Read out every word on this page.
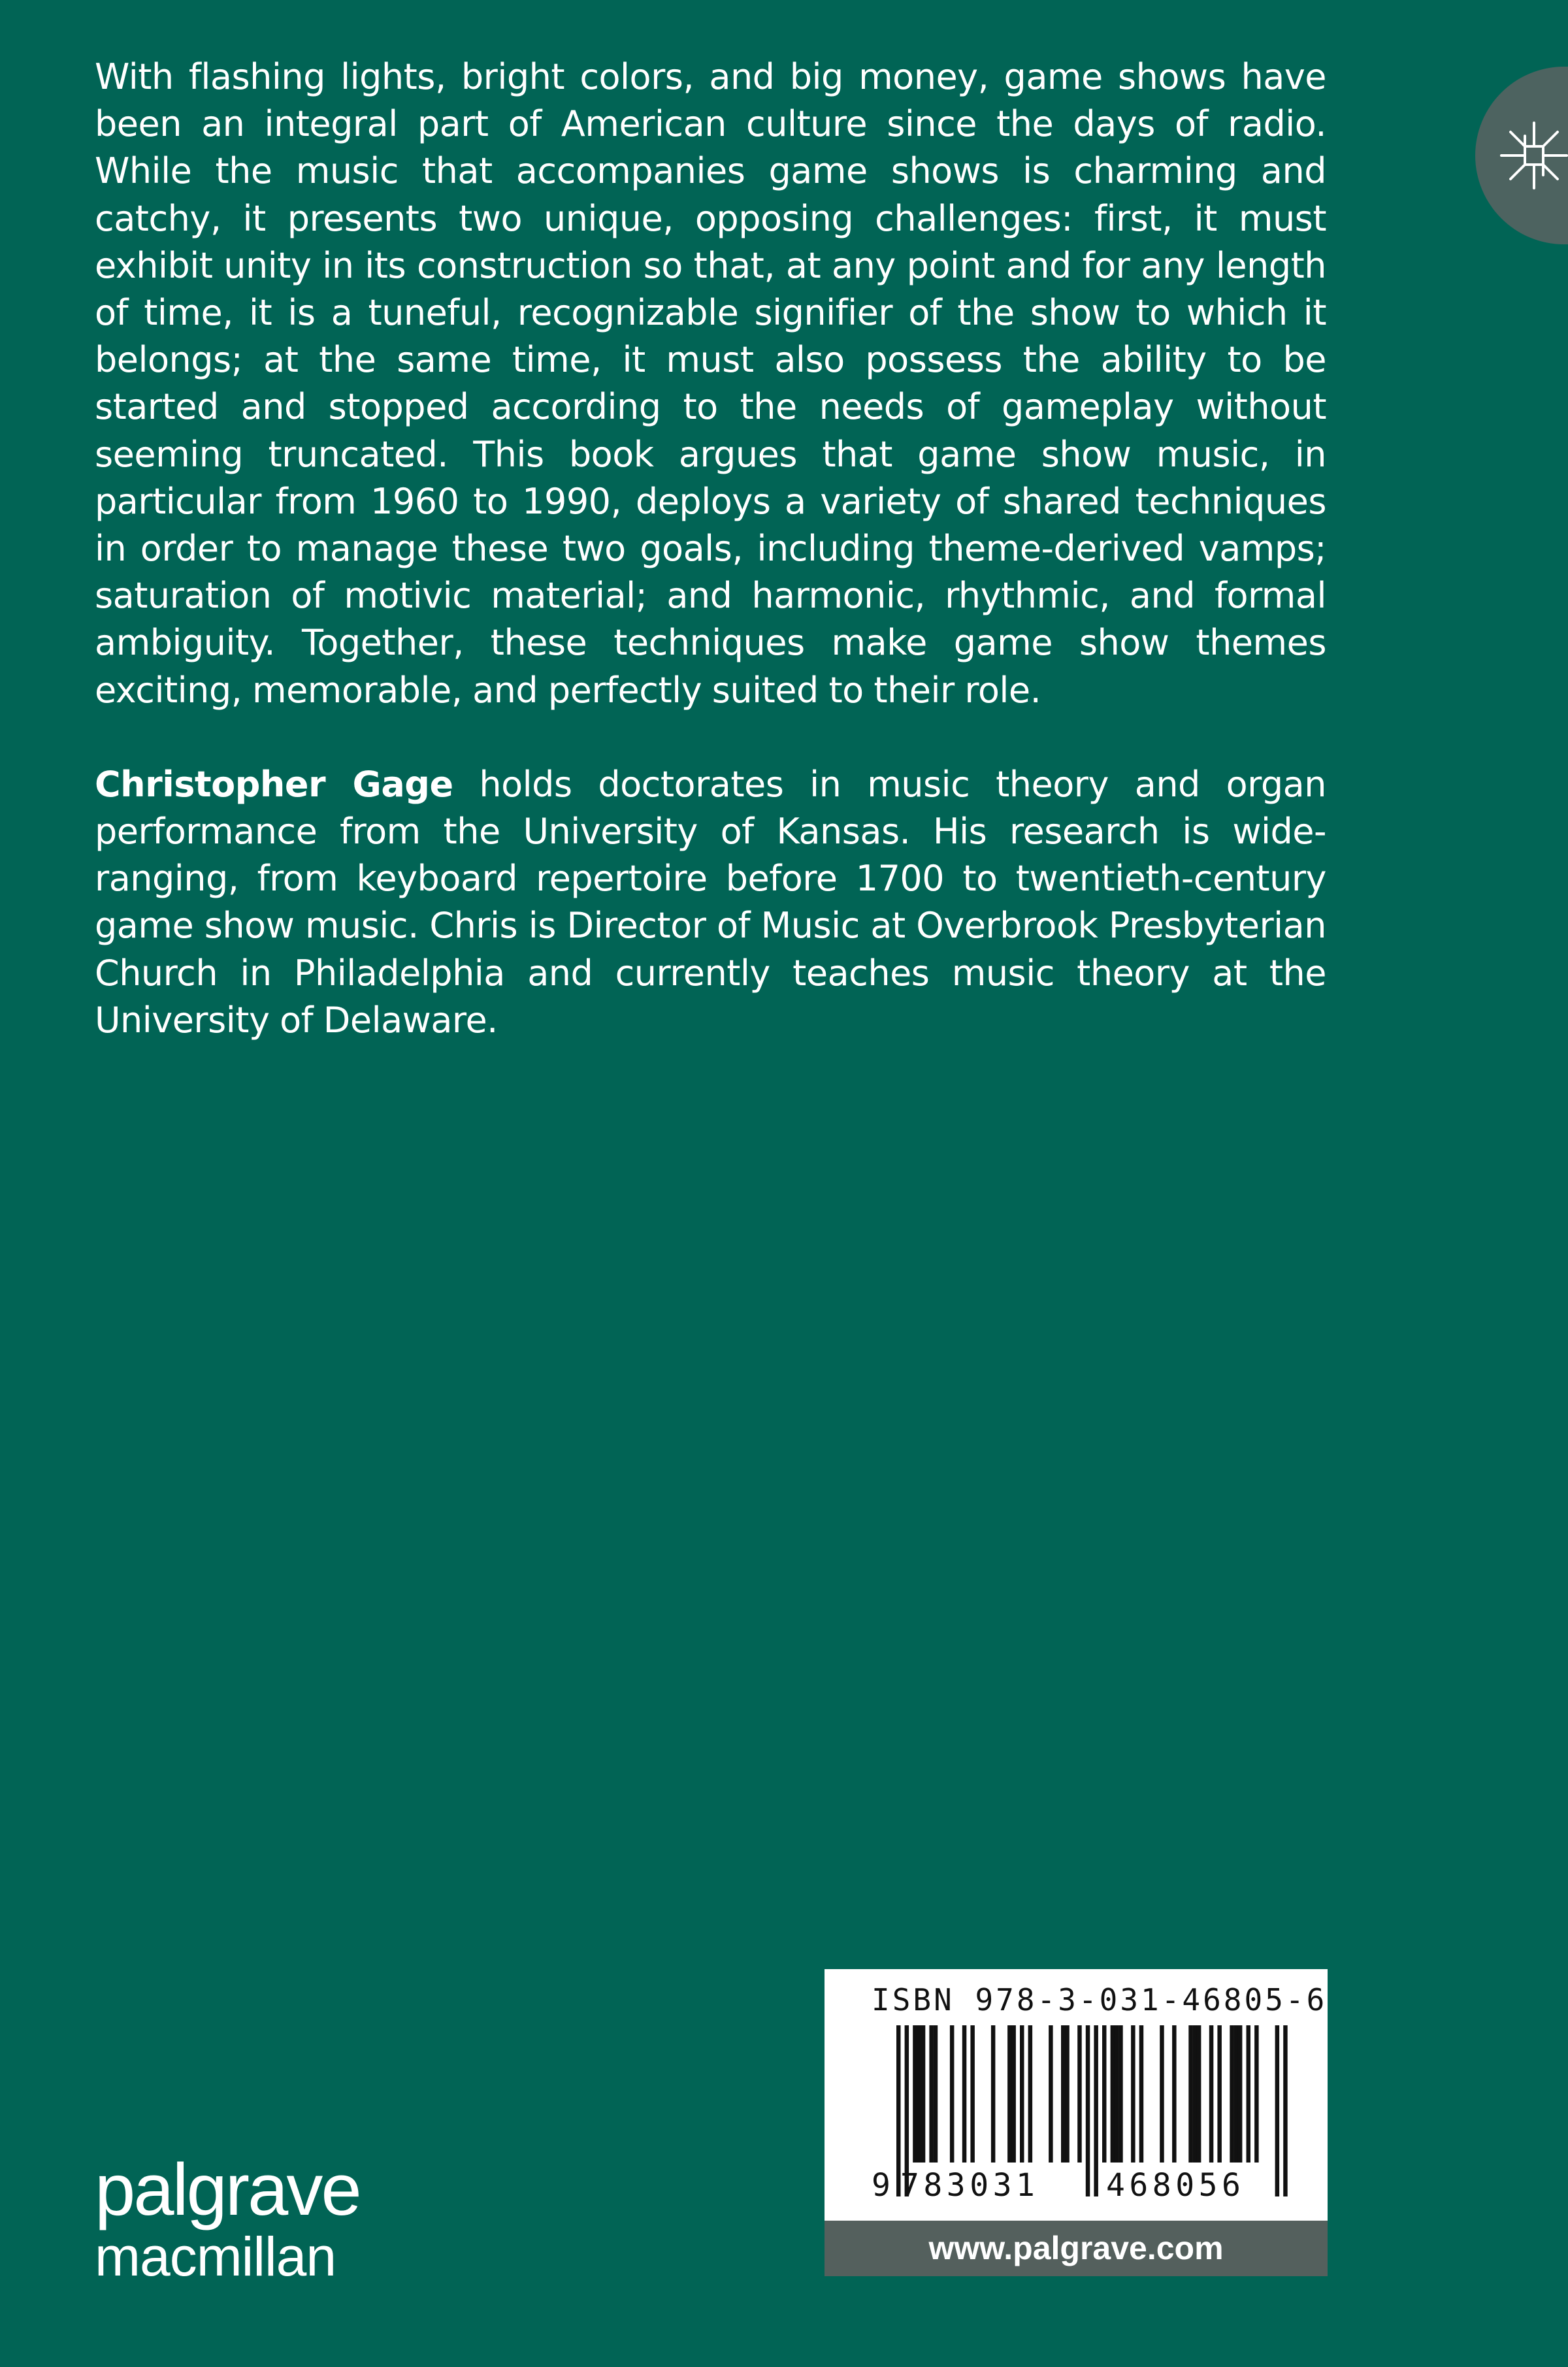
With flashing lights, bright colors, and big money, game shows have been an integral part of American culture since the days of radio. While the music that accompanies game shows is charming and catchy, it presents two unique, opposing challenges: first, it must exhibit unity in its construction so that, at any point and for any length of time, it is a tuneful, recognizable signifier of the show to which it belongs; at the same time, it must also possess the ability to be started and stopped according to the needs of gameplay without seeming truncated. This book argues that game show music, in particular from 1960 to 1990, deploys a variety of shared techniques in order to manage these two goals, including theme-derived vamps; saturation of motivic material; and harmonic, rhythmic, and formal ambiguity. Together, these techniques make game show themes exciting, memorable, and perfectly suited to their role.

Christopher Gage holds doctorates in music theory and organ performance from the University of Kansas. His research is wide-ranging, from keyboard repertoire before 1700 to twentieth-century game show music. Chris is Director of Music at Overbrook Presbyterian Church in Philadelphia and currently teaches music theory at the University of Delaware.

ISBN 978-3-031-46805-6
9 783031 468056
www.palgrave.com
palgrave
macmillan
